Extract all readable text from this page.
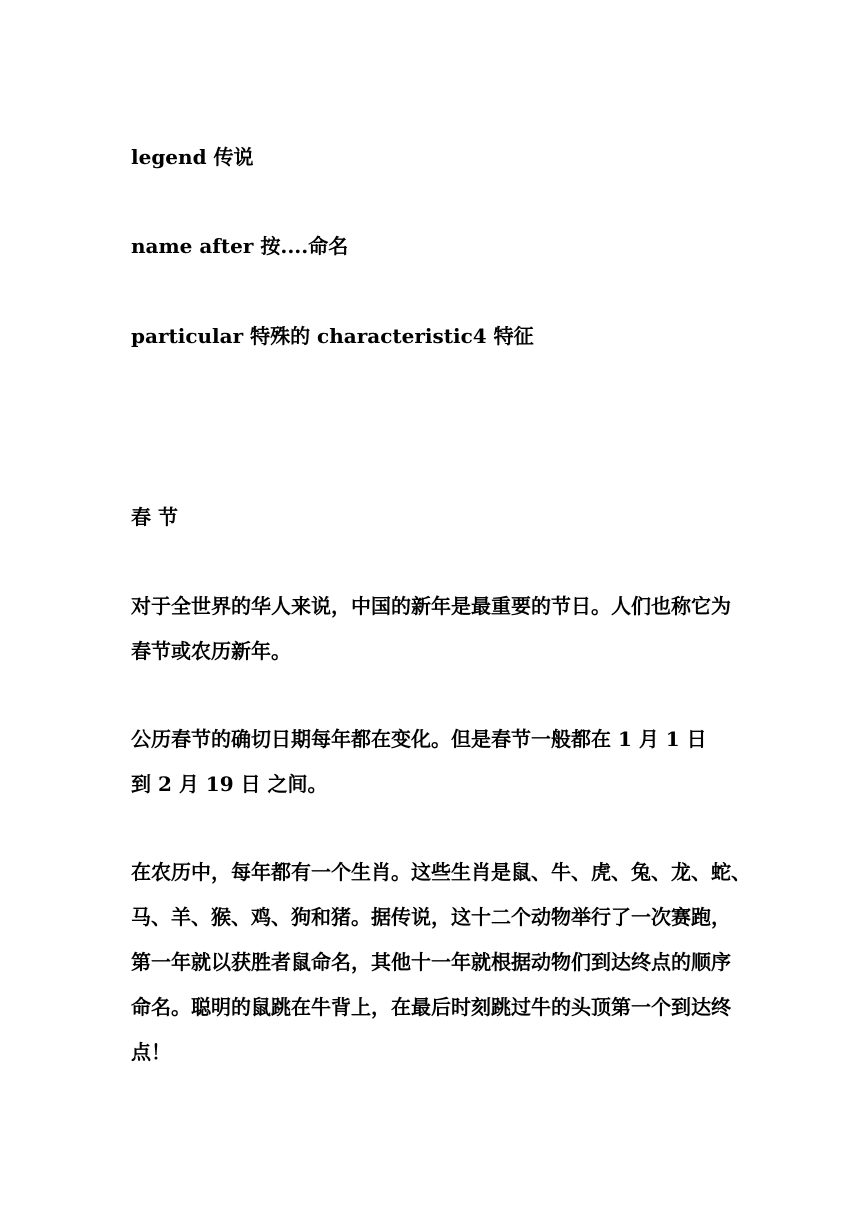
legend 传说
name after 按....命名
particular 特殊的 characteristic4 特征
春 节
对于全世界的华人来说，中国的新年是最重要的节日。人们也称它为
春节或农历新年。
公历春节的确切日期每年都在变化。但是春节一般都在 1 月 1 日
到 2 月 19 日 之间。
在农历中，每年都有一个生肖。这些生肖是鼠、牛、虎、兔、龙、蛇、
马、羊、猴、鸡、狗和猪。据传说，这十二个动物举行了一次赛跑，
第一年就以获胜者鼠命名，其他十一年就根据动物们到达终点的顺序
命名。聪明的鼠跳在牛背上，在最后时刻跳过牛的头顶第一个到达终
点！
